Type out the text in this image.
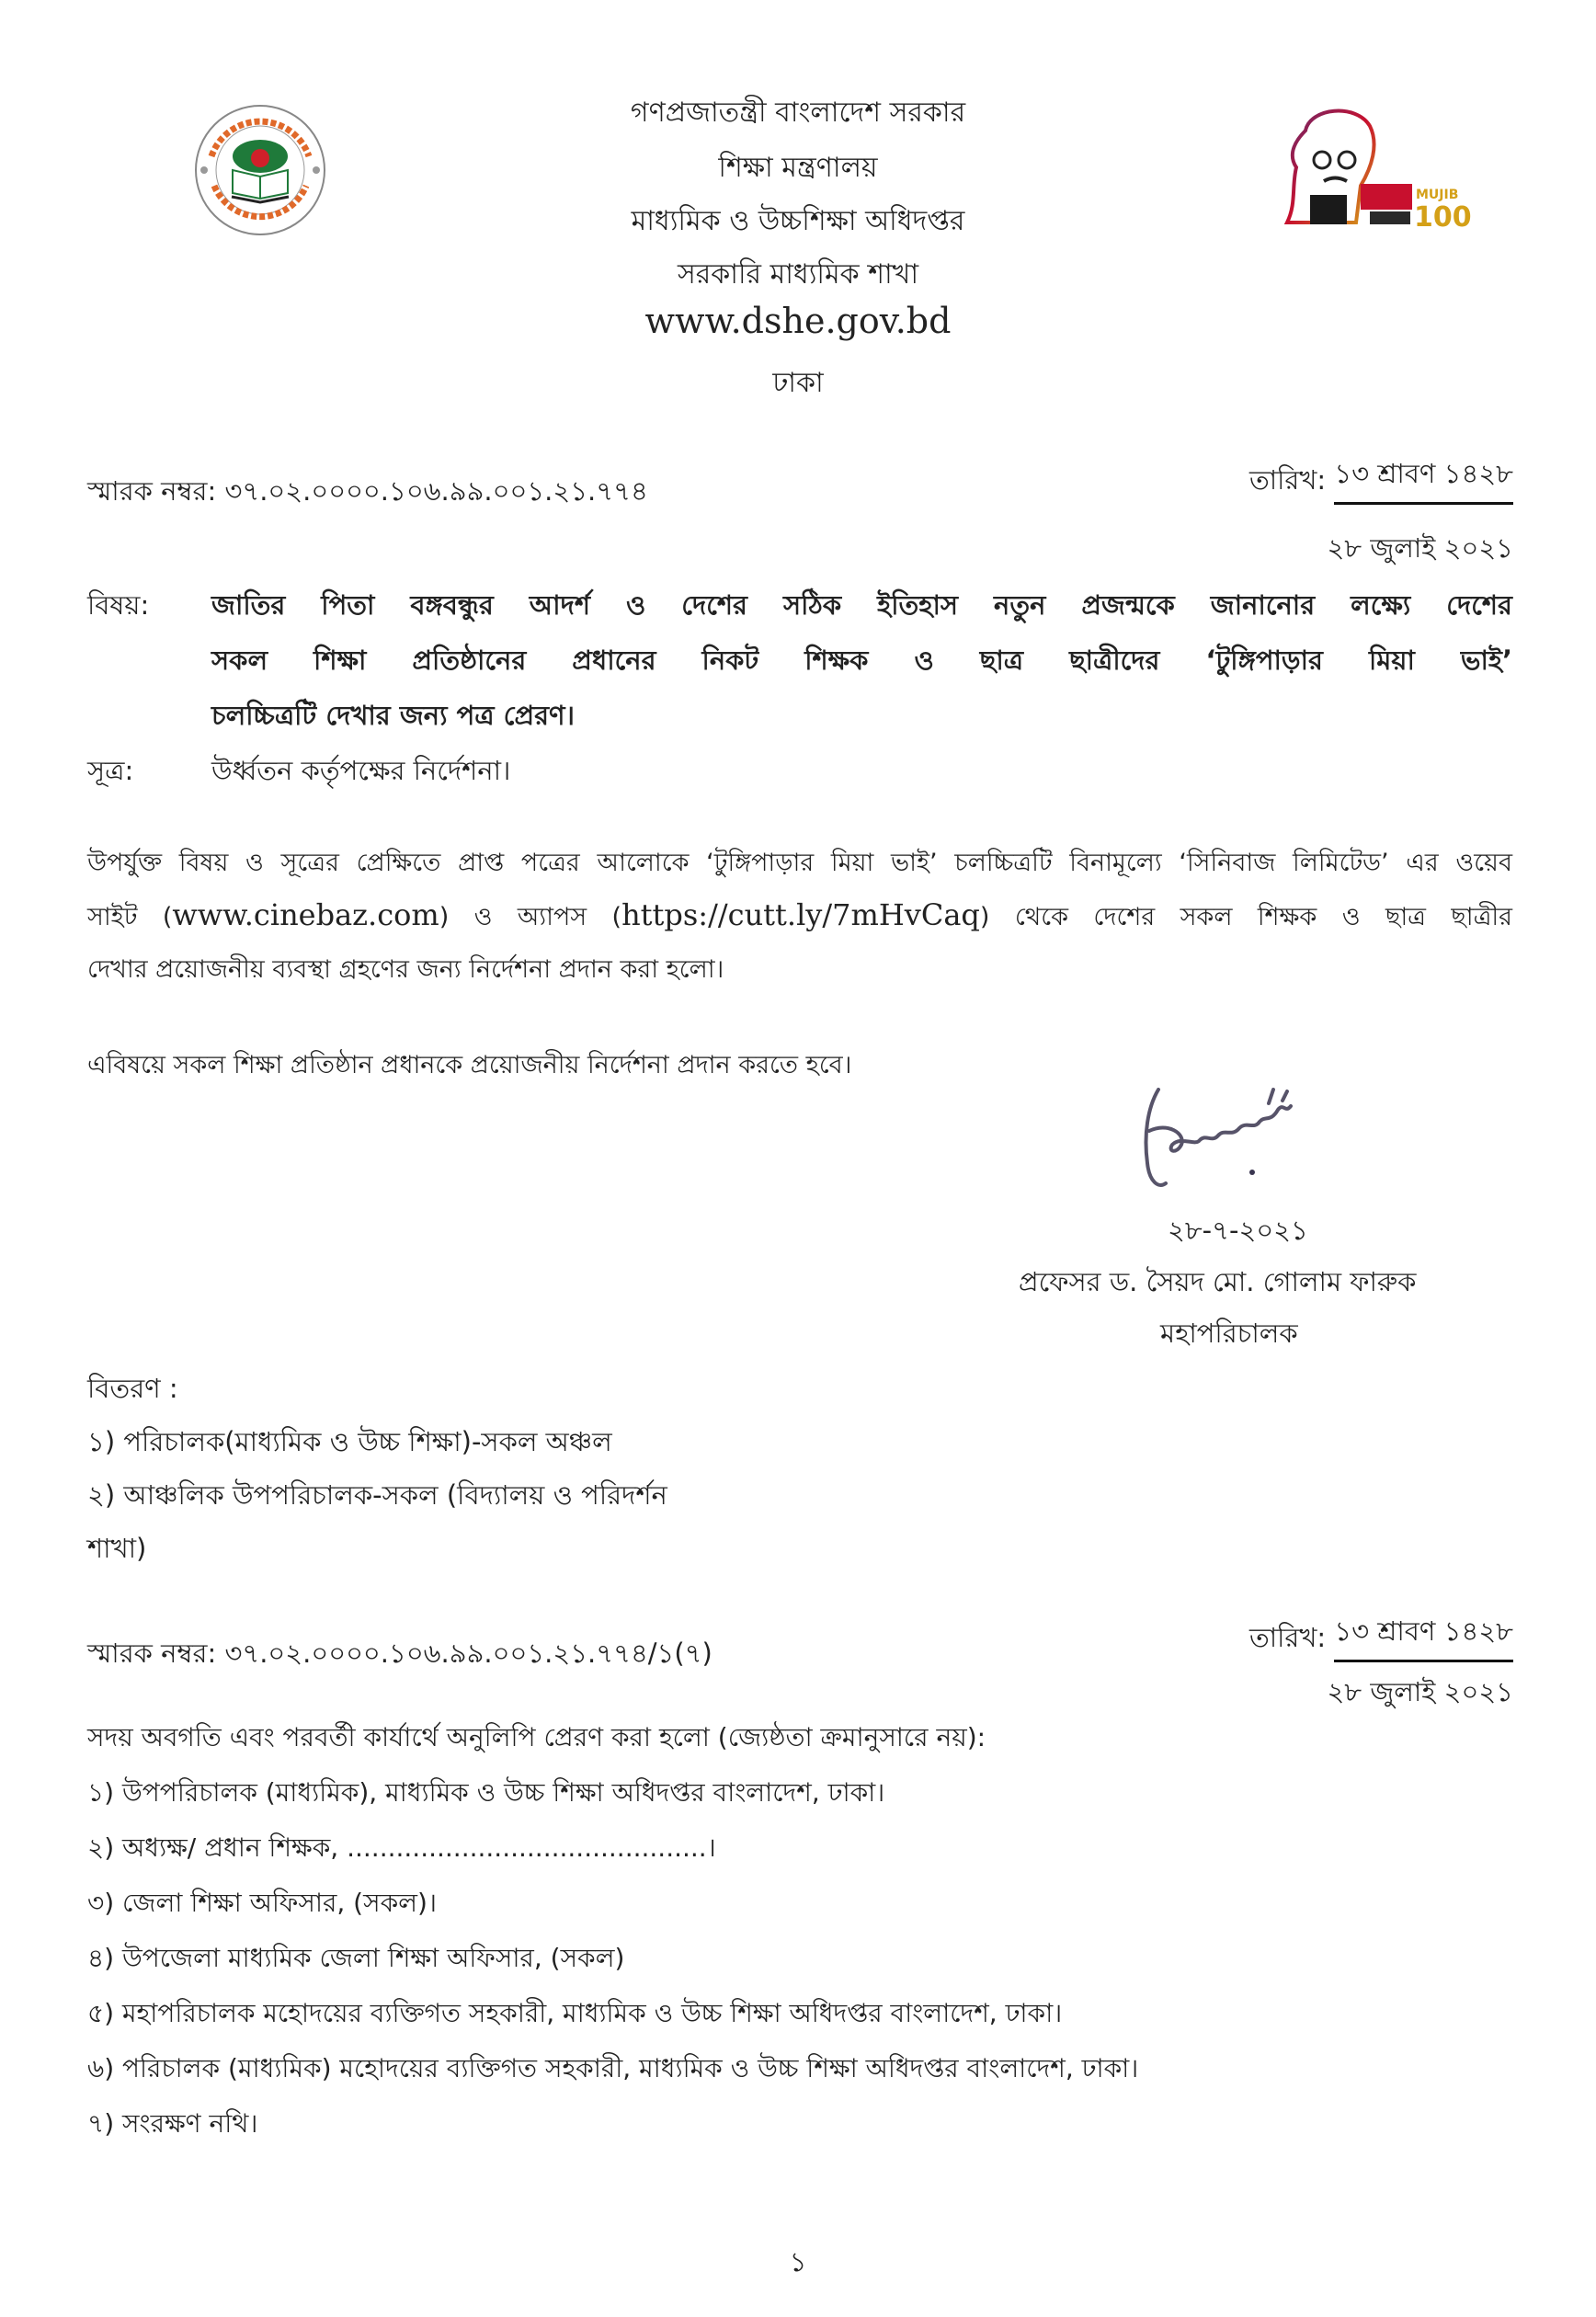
MUJIB
100
গণপ্রজাতন্ত্রী বাংলাদেশ সরকার
শিক্ষা মন্ত্রণালয়
মাধ্যমিক ও উচ্চশিক্ষা অধিদপ্তর
সরকারি মাধ্যমিক শাখা
www.dshe.gov.bd
ঢাকা
স্মারক নম্বর: ৩৭.০২.০০০০.১০৬.৯৯.০০১.২১.৭৭৪	তারিখ: ১৩ শ্রাবণ ১৪২৮
২৮ জুলাই ২০২১
বিষয়: জাতির পিতা বঙ্গবন্ধুর আদর্শ ও দেশের সঠিক ইতিহাস নতুন প্রজন্মকে জানানোর লক্ষ্যে দেশের
সকল শিক্ষা প্রতিষ্ঠানের প্রধানের নিকট শিক্ষক ও ছাত্র ছাত্রীদের ‘টুঙ্গিপাড়ার মিয়া ভাই’
চলচ্চিত্রটি দেখার জন্য পত্র প্রেরণ।
সূত্র:	উর্ধ্বতন কর্তৃপক্ষের নির্দেশনা।
উপর্যুক্ত বিষয় ও সূত্রের প্রেক্ষিতে প্রাপ্ত পত্রের আলোকে ‘টুঙ্গিপাড়ার মিয়া ভাই’ চলচ্চিত্রটি বিনামূল্যে ‘সিনিবাজ লিমিটেড’ এর ওয়েব
সাইট (www.cinebaz.com) ও অ্যাপস (https://cutt.ly/7mHvCaq) থেকে দেশের সকল শিক্ষক ও ছাত্র ছাত্রীর
দেখার প্রয়োজনীয় ব্যবস্থা গ্রহণের জন্য নির্দেশনা প্রদান করা হলো।
এবিষয়ে সকল শিক্ষা প্রতিষ্ঠান প্রধানকে প্রয়োজনীয় নির্দেশনা প্রদান করতে হবে।
২৮-৭-২০২১
প্রফেসর ড. সৈয়দ মো. গোলাম ফারুক
মহাপরিচালক
বিতরণ :
১) পরিচালক(মাধ্যমিক ও উচ্চ শিক্ষা)-সকল অঞ্চল
২) আঞ্চলিক উপপরিচালক-সকল (বিদ্যালয় ও পরিদর্শন
শাখা)
স্মারক নম্বর: ৩৭.০২.০০০০.১০৬.৯৯.০০১.২১.৭৭৪/১(৭)	তারিখ: ১৩ শ্রাবণ ১৪২৮
২৮ জুলাই ২০২১
সদয় অবগতি এবং পরবর্তী কার্যার্থে অনুলিপি প্রেরণ করা হলো (জ্যেষ্ঠতা ক্রমানুসারে নয়):
১) উপপরিচালক (মাধ্যমিক), মাধ্যমিক ও উচ্চ শিক্ষা অধিদপ্তর বাংলাদেশ, ঢাকা।
২) অধ্যক্ষ/ প্রধান শিক্ষক, ............................................।
৩) জেলা শিক্ষা অফিসার, (সকল)।
৪) উপজেলা মাধ্যমিক জেলা শিক্ষা অফিসার, (সকল)
৫) মহাপরিচালক মহোদয়ের ব্যক্তিগত সহকারী, মাধ্যমিক ও উচ্চ শিক্ষা অধিদপ্তর বাংলাদেশ, ঢাকা।
৬) পরিচালক (মাধ্যমিক) মহোদয়ের ব্যক্তিগত সহকারী, মাধ্যমিক ও উচ্চ শিক্ষা অধিদপ্তর বাংলাদেশ, ঢাকা।
৭) সংরক্ষণ নথি।
১
